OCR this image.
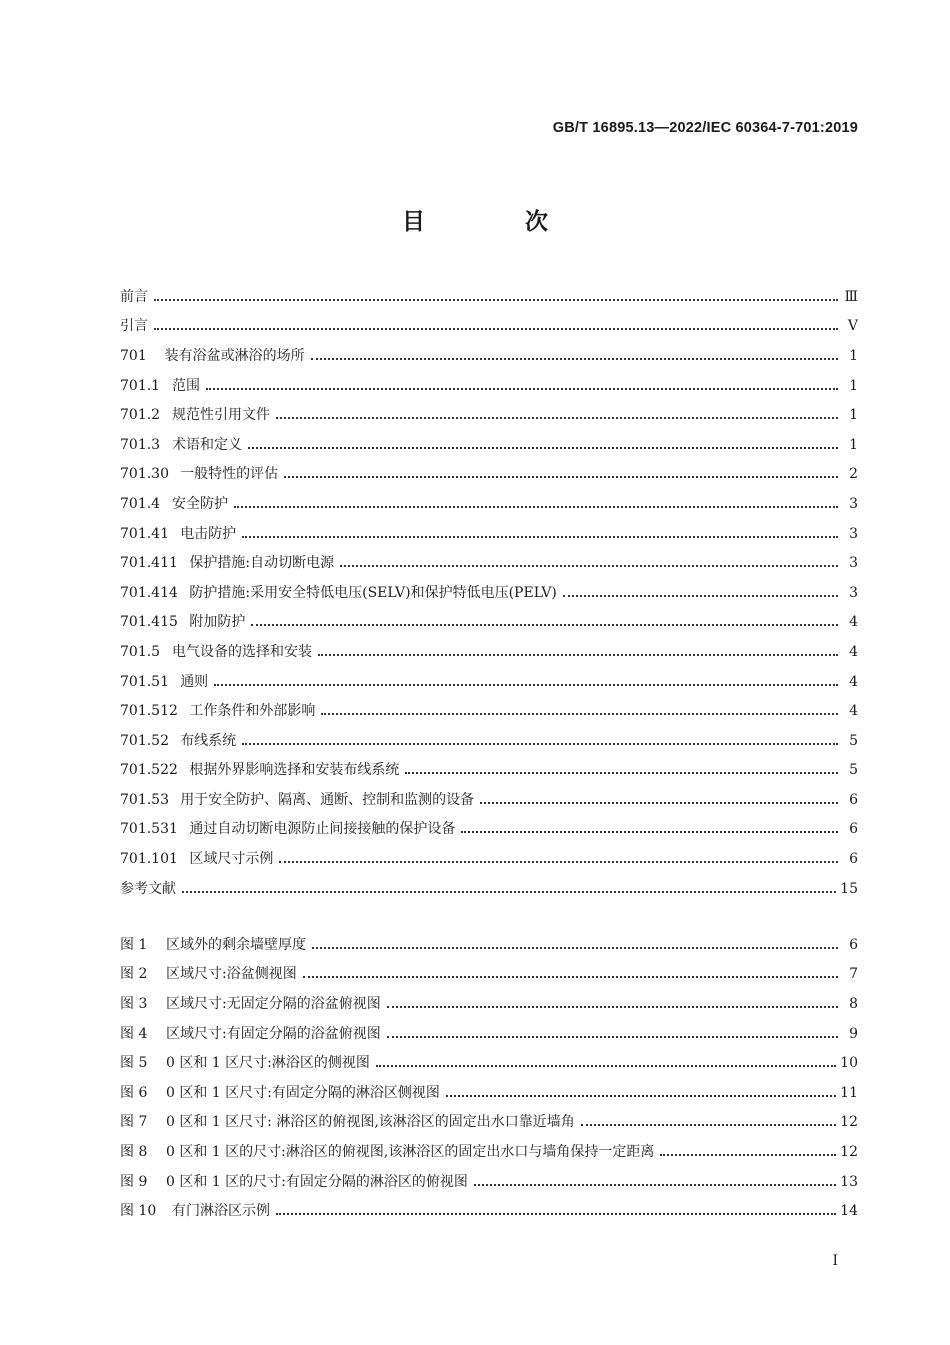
GB/T 16895.13—2022/IEC 60364-7-701:2019
目 次
前言	Ⅲ
引言	Ⅴ
701	装有浴盆或淋浴的场所	1
701.1 范围	1
701.2 规范性引用文件	1
701.3 术语和定义	1
701.30 一般特性的评估	2
701.4 安全防护	3
701.41 电击防护	3
701.411 保护措施:自动切断电源	3
701.414 防护措施:采用安全特低电压(SELV)和保护特低电压(PELV)	3
701.415 附加防护	4
701.5 电气设备的选择和安装	4
701.51 通则	4
701.512 工作条件和外部影响	4
701.52 布线系统	5
701.522 根据外界影响选择和安装布线系统	5
701.53 用于安全防护、隔离、通断、控制和监测的设备	6
701.531 通过自动切断电源防止间接接触的保护设备	6
701.101 区域尺寸示例	6
参考文献	15
图 1	区域外的剩余墙壁厚度	6
图 2	区域尺寸:浴盆侧视图	7
图 3	区域尺寸:无固定分隔的浴盆俯视图	8
图 4	区域尺寸:有固定分隔的浴盆俯视图	9
图 5	0 区和 1 区尺寸:淋浴区的侧视图	10
图 6	0 区和 1 区尺寸:有固定分隔的淋浴区侧视图	11
图 7	0 区和 1 区尺寸: 淋浴区的俯视图,该淋浴区的固定出水口靠近墙角	12
图 8	0 区和 1 区的尺寸:淋浴区的俯视图,该淋浴区的固定出水口与墙角保持一定距离	12
图 9	0 区和 1 区的尺寸:有固定分隔的淋浴区的俯视图	13
图 10	有门淋浴区示例	14
I
